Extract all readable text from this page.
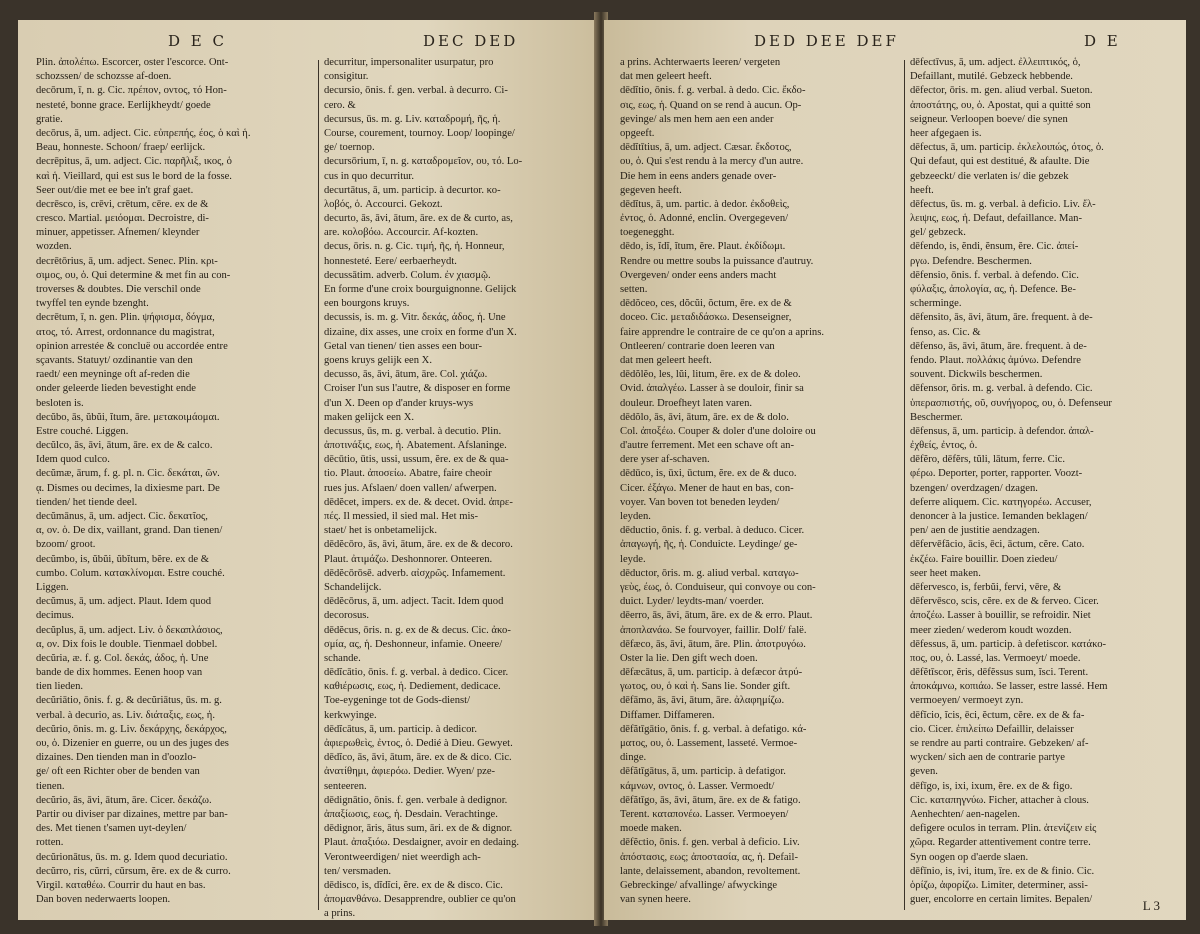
D E C	DEC DED
Plin. ἀπολέπω. Escorcer, oster l'escorce. Ont-
schozssen/ de schozsse af-doen.
decōrum, ī, n. g. Cic. πρέπον, οντος, τό Hon-
nesteté, bonne grace. Eerlijkheydt/ goede
gratie.
decōrus, ā, um. adject. Cic. εὐπρεπής, έος, ὁ καὶ ἡ.
Beau, honneste. Schoon/ fraep/ eerlijck.
decrēpitus, ā, um. adject. Cic. παρῆλιξ, ικος, ὁ
καὶ ἡ. Vieillard, qui est sus le bord de la fosse.
Seer out/die met ee bee in't graf gaet.
decrēsco, is, crēvi, crētum, cēre. ex de &
cresco. Martial. μειόομαι. Decroistre, di-
minuer, appetisser. Afnemen/ kleynder
wozden.
decrētōrius, ā, um. adject. Senec. Plin. κρι-
σιμος, ου, ὁ. Qui determine & met fin au con-
troverses & doubtes. Die verschil onde
twyffel ten eynde bzenght.
decrētum, ī, n. gen. Plin. ψήφισμα, δόγμα,
ατος, τό. Arrest, ordonnance du magistrat,
opinion arrestée & concluë ou accordée entre
sçavants. Statuyt/ ozdinantie van den
raedt/ een meyninge oft af-reden die
onder geleerde lieden bevestight ende
besloten is.
decŭbo, ās, ŭbŭi, ĭtum, āre. μετακοιμάομαι.
Estre couché. Liggen.
decŭlco, ās, āvi, ātum, āre. ex de & calco.
Idem quod culco.
decŭmæ, ārum, f. g. pl. n. Cic. δεκάται, ῶν.
ᾳ. Dismes ou decimes, la dixiesme part. De
tienden/ het tiende deel.
decŭmānus, ā, um. adject. Cic. δεκατῖος,
α, ον. ὁ. De dix, vaillant, grand. Dan tienen/
bzoom/ groot.
decŭmbo, is, ŭbŭi, ŭbĭtum, bĕre. ex de &
cumbo. Colum. κατακλίνομαι. Estre couché.
Liggen.
decŭmus, ā, um. adject. Plaut. Idem quod
decimus.
decŭplus, ā, um. adject. Liv. ὁ δεκαπλάσιος,
α, ον. Dix fois le double. Tienmael dobbel.
decŭria, æ. f. g. Col. δεκάς, άδος, ἡ. Une
bande de dix hommes. Eenen hoop van
tien lieden.
decŭriātio, ōnis. f. g. & decŭriātus, ūs. m. g.
verbal. à decurio, as. Liv. διάταξις, εως, ἡ.
decŭrio, ōnis. m. g. Liv. δεκάρχης, δεκάρχος,
ου, ὁ. Dizenier en guerre, ou un des juges des
dizaines. Den tienden man in d'oozlo-
ge/ oft een Richter ober de benden van
tienen.
decŭrio, ās, āvi, ātum, āre. Cicer. δεκάζω.
Partir ou diviser par dizaines, mettre par ban-
des. Met tienen t'samen uyt-deylen/
rotten.
decŭrionātus, ūs. m. g. Idem quod decuriatio.
decŭrro, ris, cŭrri, cŭrsum, ĕre. ex de & curro.
Virgil. καταθέω. Courrir du haut en bas.
Dan boven nederwaerts loopen.
decurritur, impersonaliter usurpatur, pro
consigitur.
decursio, ōnis. f. gen. verbal. à decurro. Ci-
cero. &
decursus, ūs. m. g. Liv. καταδρομή, ῆς, ἡ.
Course, courement, tournoy. Loop/ loopinge/
ge/ toernop.
decursōrium, ī, n. g. καταδρομεῖον, ου, τό. Lo-
cus in quo decurritur.
decurtātus, ā, um. particip. à decurtor. κο-
λοβός, ὁ. Accourci. Gekozt.
decurto, ās, āvi, ātum, āre. ex de & curto, as,
are. κολοβόω. Accourcir. Af-kozten.
decus, ōris. n. g. Cic. τιμή, ῆς, ἡ. Honneur,
honnesteté. Eere/ eerbaerheydt.
decussātim. adverb. Colum. ἐν χιασμῷ.
En forme d'une croix bourguignonne. Gelijck
een bourgons kruys.
decussis, is. m. g. Vitr. δεκάς, άδος, ἡ. Une
dizaine, dix asses, une croix en forme d'un X.
Getal van tienen/ tien asses een bour-
goens kruys gelijk een X.
decusso, ās, āvi, ātum, āre. Col. χιάζω.
Croiser l'un sus l'autre, & disposer en forme
d'un X. Deen op d'ander kruys-wys
maken gelijck een X.
decussus, ūs, m. g. verbal. à decutio. Plin.
ἀποτινάξις, εως, ἡ. Abatement. Afslaninge.
dēcūtio, ūtis, ussi, ussum, ĕre. ex de & qua-
tio. Plaut. ἀποσείω. Abatre, faire cheoir
rues jus. Afslaen/ doen vallen/ afwerpen.
dēdĕcet, impers. ex de. & decet. Ovid. ἀπρε-
πές. Il messied, il sied mal. Het mis-
staet/ het is onbetamelijck.
dēdĕcōro, ās, āvi, ātum, āre. ex de & decoro.
Plaut. ἀτιμάζω. Deshonnorer. Onteeren.
dēdĕcōrōsē. adverb. αἰσχρῶς. Infamement.
Schandelijck.
dēdĕcōrus, ā, um. adject. Tacit. Idem quod
decorosus.
dēdĕcus, ōris. n. g. ex de & decus. Cic. ἀκο-
σμία, ας, ἡ. Deshonneur, infamie. Oneere/
schande.
dēdĭcātio, ōnis. f. g. verbal. à dedico. Cicer.
καθιέρωσις, εως, ἡ. Dediement, dedicace.
Toe-eygeninge tot de Gods-dienst/
kerkwyinge.
dēdĭcātus, ā, um. particip. à dedicor.
ἀφιερωθεὶς, ἐντος, ὁ. Dedié à Dieu. Gewyet.
dēdĭco, ās, āvi, ātum, āre. ex de & dico. Cic.
ἀνατίθημι, ἀφιερόω. Dedier. Wyen/ pze-
senteeren.
dēdignātio, ōnis. f. gen. verbale à dedignor.
ἀπαξίωσις, εως, ἡ. Desdain. Verachtinge.
dēdignor, āris, ātus sum, āri. ex de & dignor.
Plaut. ἀπαξιόω. Desdaigner, avoir en dedaing.
Verontweerdigen/ niet weerdigh ach-
ten/ versmaden.
dēdisco, is, dĭdĭci, ĕre. ex de & disco. Cic.
ἀπομανθάνω. Desapprendre, oublier ce qu'on
a prins.
DED DEE DEF	D E
a prins. Achterwaerts leeren/ vergeten
dat men geleert heeft.
dēdĭtio, ōnis. f. g. verbal. à dedo. Cic. ἔκδο-
σις, εως, ἡ. Quand on se rend à aucun. Op-
gevinge/ als men hem aen een ander
opgeeft.
dēdĭtītius, ā, um. adject. Cæsar. ἔκδοτος,
ου, ὁ. Qui s'est rendu à la mercy d'un autre.
Die hem in eens anders genade over-
gegeven heeft.
dēdĭtus, ā, um. partic. à dedor. ἐκδοθεὶς,
ἐντος, ὁ. Adonné, enclin. Overgegeven/
toegenegght.
dēdo, is, ĭdĭ, ĭtum, ĕre. Plaut. ἐκδίδωμι.
Rendre ou mettre soubs la puissance d'autruy.
Overgeven/ onder eens anders macht
setten.
dēdŏceo, ces, dŏcŭi, ŏctum, ēre. ex de &
doceo. Cic. μεταδιδάσκω. Desenseigner,
faire apprendre le contraire de ce qu'on a aprins.
Ontleeren/ contrarie doen leeren van
dat men geleert heeft.
dēdŏlĕo, les, lŭi, litum, ēre. ex de & doleo.
Ovid. ἀπαλγέω. Lasser à se douloir, finir sa
douleur. Droefheyt laten varen.
dēdŏlo, ās, āvi, ātum, āre. ex de & dolo.
Col. ἀποξέω. Couper & doler d'une doloire ou
d'autre ferrement. Met een schave oft an-
dere yser af-schaven.
dēdūco, is, ūxi, ūctum, ĕre. ex de & duco.
Cicer. ἐξάγω. Mener de haut en bas, con-
voyer. Van boven tot beneden leyden/
leyden.
dēductio, ōnis. f. g. verbal. à deduco. Cicer.
ἀπαγωγή, ῆς, ἡ. Conduicte. Leydinge/ ge-
leyde.
dēductor, ōris. m. g. aliud verbal. καταγω-
γεὺς, έως, ὁ. Conduiseur, qui convoye ou con-
duict. Lyder/ leydts-man/ voerder.
dēerro, ās, āvi, ātum, āre. ex de & erro. Plaut.
ἀποπλανάω. Se fourvoyer, faillir. Dolf/ falë.
dēfæco, ās, āvi, ātum, āre. Plin. ἀποτρυγόω.
Oster la lie. Den gift wech doen.
dēfæcātus, ā, um. particip. à defæcor ἀτρύ-
γωτος, ου, ὁ καὶ ἡ. Sans lie. Sonder gift.
dēfāmo, ās, āvi, ātum, āre. ἀλαφημίζω.
Diffamer. Diffameren.
dēfătīgātio, ōnis. f. g. verbal. à defatigo. κά-
ματος, ου, ὁ. Lassement, lasseté. Vermoe-
dinge.
dēfătīgātus, ā, um. particip. à defatigor.
κάμνων, οντος, ὁ. Lasser. Vermoedt/
dēfătīgo, ās, āvi, ātum, āre. ex de & fatigo.
Terent. καταπονέω. Lasser. Vermoeyen/
moede maken.
dēfĕctio, ōnis. f. gen. verbal à deficio. Liv.
ἀπόστασις, εως; ἀποστασία, ας, ἡ. Defail-
lante, delaissement, abandon, revoltement.
Gebreckinge/ afvallinge/ afwyckinge
van synen heere.
dēfectīvus, ā, um. adject. ἐλλειπτικός, ὁ,
Defaillant, mutilé. Gebzeck hebbende.
dēfector, ōris. m. gen. aliud verbal. Sueton.
ἀποστάτης, ου, ὁ. Apostat, qui a quitté son
seigneur. Verloopen boeve/ die synen
heer afgegaen is.
dēfectus, ā, um. particip. ἐκλελοιπώς, ότος, ὁ.
Qui defaut, qui est destitué, & afaulte. Die
gebzeeckt/ die verlaten is/ die gebzek
heeft.
dēfectus, ūs. m. g. verbal. à deficio. Liv. ἔλ-
λειψις, εως, ἡ. Defaut, defaillance. Man-
gel/ gebzeck.
dēfendo, is, ĕndi, ĕnsum, ĕre. Cic. ἀπεί-
ργω. Defendre. Beschermen.
dēfensio, ōnis. f. verbal. à defendo. Cic.
φύλαξις, ἀπολογία, ας, ἡ. Defence. Be-
scherminge.
dēfensito, ās, āvi, ātum, āre. frequent. à de-
fenso, as. Cic. &
dēfenso, ās, āvi, ātum, āre. frequent. à de-
fendo. Plaut. πολλάκις ἀμύνω. Defendre
souvent. Dickwils beschermen.
dēfensor, ōris. m. g. verbal. à defendo. Cic.
ὑπερασπιστής, οῦ, συνήγορος, ου, ὁ. Defenseur
Beschermer.
dēfensus, ā, um. particip. à defendor. ἀπαλ-
ἐχθείς, ἐντος, ὁ.
dēfĕro, dēfĕrs, tŭli, lātum, ferre. Cic.
φέρω. Deporter, porter, rapporter. Voozt-
bzengen/ overdzagen/ dzagen.
deferre aliquem. Cic. κατηγορέω. Accuser,
denoncer à la justice. Iemanden beklagen/
pen/ aen de justitie aendzagen.
dēfervēfăcio, ācis, ēci, āctum, cĕre. Cato.
ἐκζέω. Faire bouillir. Doen ziedeu/
seer heet maken.
dēfervesco, is, ferbŭi, fervi, vēre, &
dēfervēsco, scis, cĕre. ex de & ferveo. Cicer.
ἀποζέω. Lasser à bouillir, se refroidir. Niet
meer zieden/ wederom koudt wozden.
dēfessus, ā, um. particip. à defetiscor. κατάκο-
πος, ου, ὁ. Lassé, las. Vermoeyt/ moede.
dēfĕtīscor, ĕris, dēfĕssus sum, ĭsci. Terent.
ἀποκάμνω, κοπιάω. Se lasser, estre lassé. Hem
vermoeyen/ vermoeyt zyn.
dēfĭcio, ĭcis, ēci, ĕctum, cĕre. ex de & fa-
cio. Cicer. ἐπιλείπω Defaillir, delaisser
se rendre au parti contraire. Gebzeken/ af-
wycken/ sich aen de contrarie partye
geven.
dēfīgo, is, ixi, ixum, ĕre. ex de & figo.
Cic. καταπηγνύω. Ficher, attacher à clous.
Aenhechten/ aen-nagelen.
defigere oculos in terram. Plin. ἀτενίζειν εἰς
χῶρα. Regarder attentivement contre terre.
Syn oogen op d'aerde slaen.
dēfīnio, is, ivi, itum, īre. ex de & finio. Cic.
ὁρίζω, ἀφορίζω. Limiter, determiner, assi-
guer, encolorre en certain limites. Bepalen/	L 3
